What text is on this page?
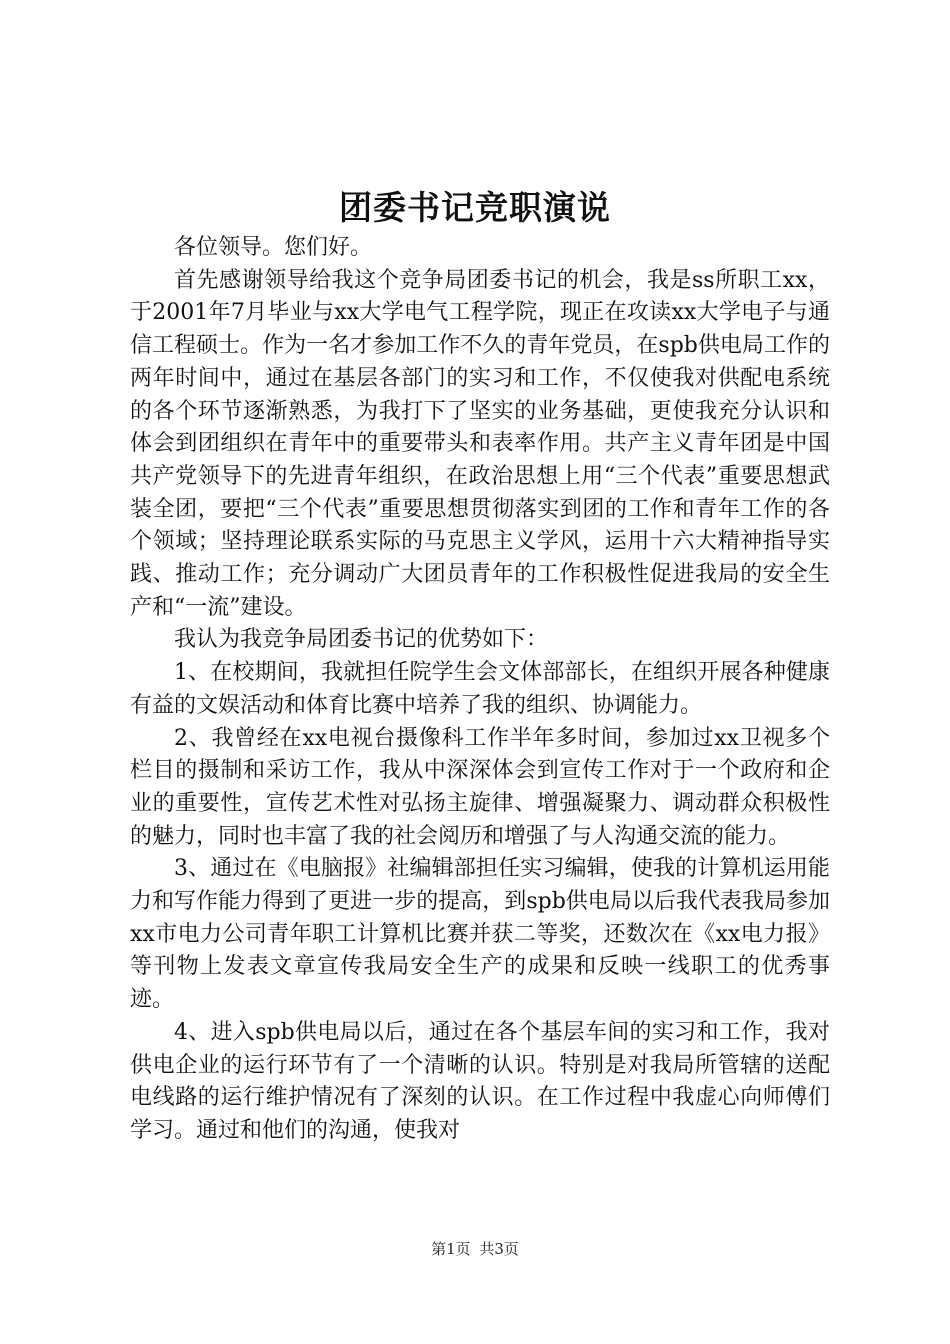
团委书记竞职演说

各位领导。您们好。

首先感谢领导给我这个竞争局团委书记的机会，我是ss所职工xx，于2001年7月毕业与xx大学电气工程学院，现正在攻读xx大学电子与通信工程硕士。作为一名才参加工作不久的青年党员，在spb供电局工作的两年时间中，通过在基层各部门的实习和工作，不仅使我对供配电系统的各个环节逐渐熟悉，为我打下了坚实的业务基础，更使我充分认识和体会到团组织在青年中的重要带头和表率作用。共产主义青年团是中国共产党领导下的先进青年组织，在政治思想上用“三个代表”重要思想武装全团，要把“三个代表”重要思想贯彻落实到团的工作和青年工作的各个领域；坚持理论联系实际的马克思主义学风，运用十六大精神指导实践、推动工作；充分调动广大团员青年的工作积极性促进我局的安全生产和“一流”建设。

我认为我竞争局团委书记的优势如下：

1、在校期间，我就担任院学生会文体部部长，在组织开展各种健康有益的文娱活动和体育比赛中培养了我的组织、协调能力。

2、我曾经在xx电视台摄像科工作半年多时间，参加过xx卫视多个栏目的摄制和采访工作，我从中深深体会到宣传工作对于一个政府和企业的重要性，宣传艺术性对弘扬主旋律、增强凝聚力、调动群众积极性的魅力，同时也丰富了我的社会阅历和增强了与人沟通交流的能力。

3、通过在《电脑报》社编辑部担任实习编辑，使我的计算机运用能力和写作能力得到了更进一步的提高，到spb供电局以后我代表我局参加xx市电力公司青年职工计算机比赛并获二等奖，还数次在《xx电力报》等刊物上发表文章宣传我局安全生产的成果和反映一线职工的优秀事迹。

4、进入spb供电局以后，通过在各个基层车间的实习和工作，我对供电企业的运行环节有了一个清晰的认识。特别是对我局所管辖的送配电线路的运行维护情况有了深刻的认识。在工作过程中我虚心向师傅们学习。通过和他们的沟通，使我对

第1页 共3页
